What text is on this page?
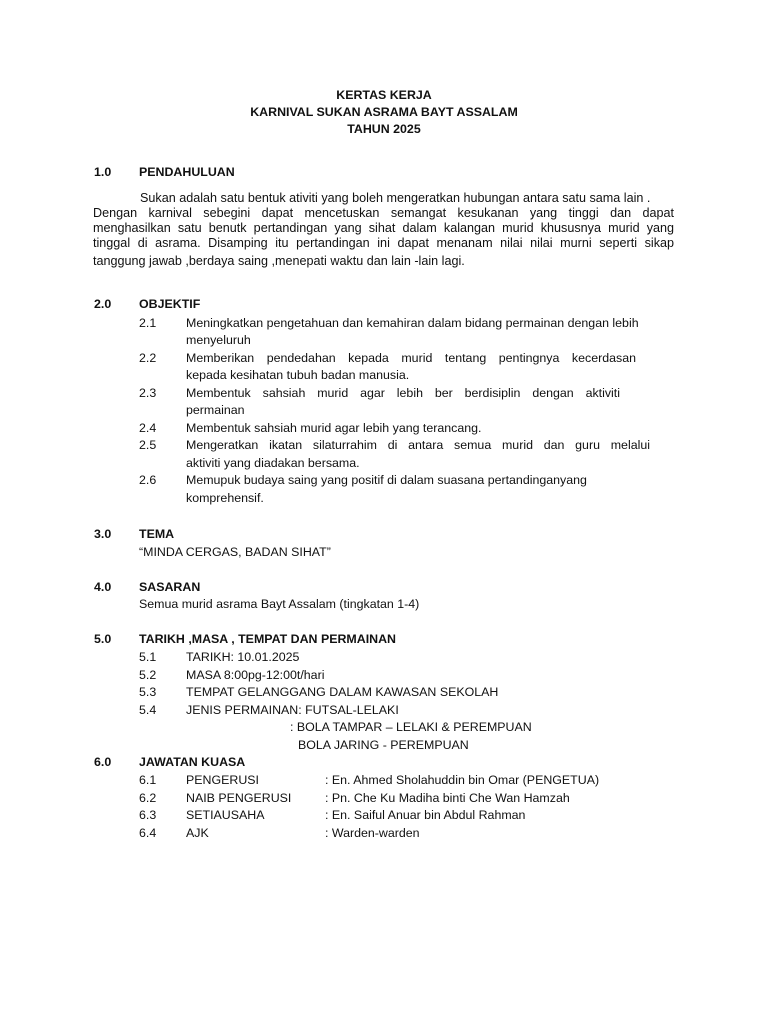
KERTAS KERJA
KARNIVAL SUKAN ASRAMA BAYT ASSALAM
TAHUN 2025
1.0 PENDAHULUAN
Sukan adalah satu bentuk ativiti yang boleh mengeratkan hubungan antara satu sama lain .
Dengan karnival sebegini dapat mencetuskan semangat kesukanan yang tinggi dan dapat
menghasilkan satu benutk pertandingan yang sihat dalam kalangan murid khususnya murid yang
tinggal di asrama. Disamping itu pertandingan ini dapat menanam nilai nilai murni seperti sikap
tanggung jawab ,berdaya saing ,menepati waktu dan lain -lain lagi.
2.0 OBJEKTIF
2.1 Meningkatkan pengetahuan dan kemahiran dalam bidang permainan dengan lebih
menyeluruh
2.2 Memberikan pendedahan kepada murid tentang pentingnya kecerdasan
kepada kesihatan tubuh badan manusia.
2.3 Membentuk sahsiah murid agar lebih ber berdisiplin dengan aktiviti
permainan
2.4 Membentuk sahsiah murid agar lebih yang terancang.
2.5 Mengeratkan ikatan silaturrahim di antara semua murid dan guru melalui
aktiviti yang diadakan bersama.
2.6 Memupuk budaya saing yang positif di dalam suasana pertandinganyang
komprehensif.
3.0 TEMA
“MINDA CERGAS, BADAN SIHAT”
4.0 SASARAN
Semua murid asrama Bayt Assalam (tingkatan 1-4)
5.0 TARIKH ,MASA , TEMPAT DAN PERMAINAN
5.1 TARIKH: 10.01.2025
5.2 MASA 8:00pg-12:00t/hari
5.3 TEMPAT GELANGGANG DALAM KAWASAN SEKOLAH
5.4 JENIS PERMAINAN: FUTSAL-LELAKI
: BOLA TAMPAR – LELAKI & PEREMPUAN
BOLA JARING - PEREMPUAN
6.0 JAWATAN KUASA
6.1 PENGERUSI	: En. Ahmed Sholahuddin bin Omar (PENGETUA)
6.2 NAIB PENGERUSI	: Pn. Che Ku Madiha binti Che Wan Hamzah
6.3 SETIAUSAHA	: En. Saiful Anuar bin Abdul Rahman
6.4 AJK	: Warden-warden
